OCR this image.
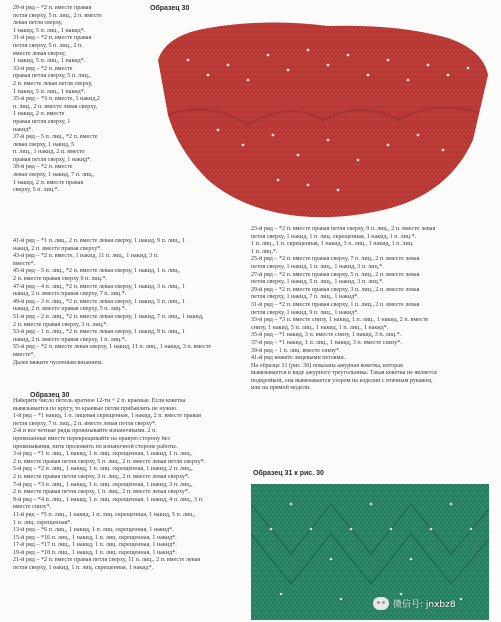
Образец 30
20-й ряд – *2 п. вместе правая
петля сверху, 5 п. лиц., 2 п. вместе
левая петля сверху,
1 накид, 5 п. лиц., 1 накид*.
31-й ряд – *2 п. вместе правая
петля сверху, 5 п. лиц., 2 п.
вместе левая сверху,
1 накид, 5 п. лиц., 1 накид*.
33-й ряд – *2 п. вместе
правая петля сверху, 5 п. лиц.,
2 п. вместе левая петля сверху,
1 накид, 5 п. лиц., 1 накид*.
35-й ряд – *3 п. вместе, 1 накид,2
п. лиц., 2 п. вместе левая сверху,
1 накид, 2 п. вместе
правая петля сверху, 1
накид*.
37-й ряд – 5 п. лиц., *2 п. вместе
левая сверху, 1 накид, 5
п. лиц., 1 накид, 2 п. вместе
правая петля сверху, 1 накид*.
39-й ряд – *2 п. вместе
левая сверху, 1 накид, 7 п. лиц.,
1 накид, 2 п. вместе правая
сверху, 5 п. лиц.*.
41-й ряд – *1 п. лиц., 2 п. вместе левая сверху, 1 накид, 9 п. лиц., 1
накид, 2 п. вместе правая сверху*.
43-й ряд – *2 п. вместе, 1 накид, 11 п. лиц., 1 накид, 3 п.
вместе*.
45-й ряд – 5 п. лиц., *2 п. вместе левая сверху, 1 накид, 1 п. лиц.,
2 п. вместе правая сверху 9 п. лиц.*.
47-й ряд – 4 п. лиц., *2 п. вместе левая сверху, 1 накид, 3 п. лиц., 1
накид, 2 п. вместе правая сверху, 7 п. лиц.*.
49-й ряд – 3 п. лиц., *2 п. вместе левая сверху, 1 накид, 5 п. лиц., 1
накид, 2 п. вместе правая сверху, 5 п. лиц.*.
51-й ряд – 2 п. лиц., *2 п. вместе левая сверху, 1 накид, 7 п. лиц., 1 накид,
2 п. вместе правая сверху, 3 п. лиц.*.
53-й ряд – 1 п. лиц., *2 п. вместе левая сверху, 1 накид, 9 п. лиц., 1
накид, 2 п. вместе правая сверху, 1 п. лиц.*.
55-й ряд – *2 п. вместе левая сверху, 1 накид, 11 п. лиц., 1 накид, 3 п. вместе
вместе*.
Далее вяжите чулочным вязанием.
Образец 30
Наберите число петель кратное 12-ти + 2 п. краевые. Если кокетка
вывязывается по кругу, то краевые петли прибавлять не нужно.
1-й ряд – *1 накид, 1 п. лицевая скрещенная, 1 накид, 2 п. вместе правая
петля сверху, 7 п. лиц., 2 п. вместе левая петля сверху*.
2-й и все четные ряды провязывайте изнаночными. 2 п.
провязанные вместе перекрещивайте на правую сторону без
провязывания, нить проложить по изнаночной стороне работы.
3-й ряд – *1 п. лиц., 1 накид, 1 п. лиц. скрещенная, 1 накид, 1 п. лиц.,
2 п. вместе правая петля сверху, 5 п. лиц., 2 п. вместе левая петля сверху*.
5-й ряд – *2 п. лиц., 1 накид, 1 п. лиц. скрещенная, 1 накид, 2 п. лиц.,
2 п. вместе правая петля сверху, 3 п. лиц., 2 п. вместе левая сверху*.
7-й ряд – *3 п. лиц., 1 накид, 1 п. лиц. скрещенная, 1 накид, 3 п. лиц.,
2 п. вместе правая петля сверху, 1 п. лиц., 2 п. вместе левая сверху*.
9-й ряд – *4 п. лиц., 1 накид, 1 п. лиц. скрещенная, 1 накид, 4 п. лиц., 3 п.
вместе снизу*.
11-й ряд – *5 п. лиц., 1 накид, 1 п. лиц. скрещенная, 1 накид, 5 п. лиц.,
1 п. лиц. скрещенная*.
13-й ряд – *6 п. лиц., 1 накид, 1 п. лиц. скрещенная, 1 накид*.
15-й ряд – *16 п. лиц., 1 накид, 1 п. лиц. скрещенная, 1 накид*.
17-й ряд – *17 п. лиц., 1 накид, 1 п. лиц. скрещенная, 1 накид*.
19-й ряд – *18 п. лиц., 1 накид, 1 п. лиц. скрещенная, 1 накид*.
21-й ряд – *2 п. вместе правая петля сверху, 11 п. лиц., 2 п. вместе левая
петля сверху, 1 накид, 1 п. лиц. скрещенная, 1 накид*.
23-й ряд – *2 п. вместе правая петля сверху, 9 п. лиц., 2 п. вместе левая
петля сверху, 1 накид, 1 п. лиц. скрещенная, 1 накид, 1 п. лиц.*.
1 п. лиц., 1 п. скрещенная, 1 накид, 3 п. лиц., 1 накид, 1 п. лиц.
1 п. лиц.*.
25-й ряд – *2 п. вместе правая сверху, 7 п. лиц., 2 п. вместе левая
петля сверху, 1 накид, 1 п. лиц., 1 накид, 3 п. лиц.*.
27-й ряд – *2 п. вместе правая сверху, 5 п. лиц., 2 п. вместе левая
петля сверху, 1 накид, 5 п. лиц., 1 накид, 3 п. лиц.*.
29-й ряд – *2 п. вместе правая сверху, 3 п. лиц., 2 п. вместе левая
петля сверху, 1 накид, 7 п. лиц., 1 накид*.
31-й ряд – *2 п. вместе правая сверху, 1 п. лиц., 2 п. вместе левая
петля сверху, 1 накид, 9 п. лиц., 1 накид*.
33-й ряд – *3 п. вместе снизу, 1 накид, 1 п. лиц., 1 накид, 2 п. вместе
снизу, 1 накид, 5 п. лиц., 1 накид, 1 п. лиц., 1 накид*.
35-й ряд – *1 накид, 3 п. вместе снизу, 1 накид, 3 п. лиц.*.
37-й ряд – *1 накид, 1 п. лиц., 1 накид, 3 п. вместе снизу*.
39-й ряд – 1 п. лиц. вместе снизу*.
41-й ряд вяжите лицевыми петлями.
На образце 31 (рис. 30) показана ажурная кокетка, которая
вывязывается в виде ажурного треугольника. Такая кокетка не является
подкройкой, она вывязывается узором на изделии с втачным рукавом,
или на прямой модели.
Образец 31 к рис. 30
微信号: jnxbz8
